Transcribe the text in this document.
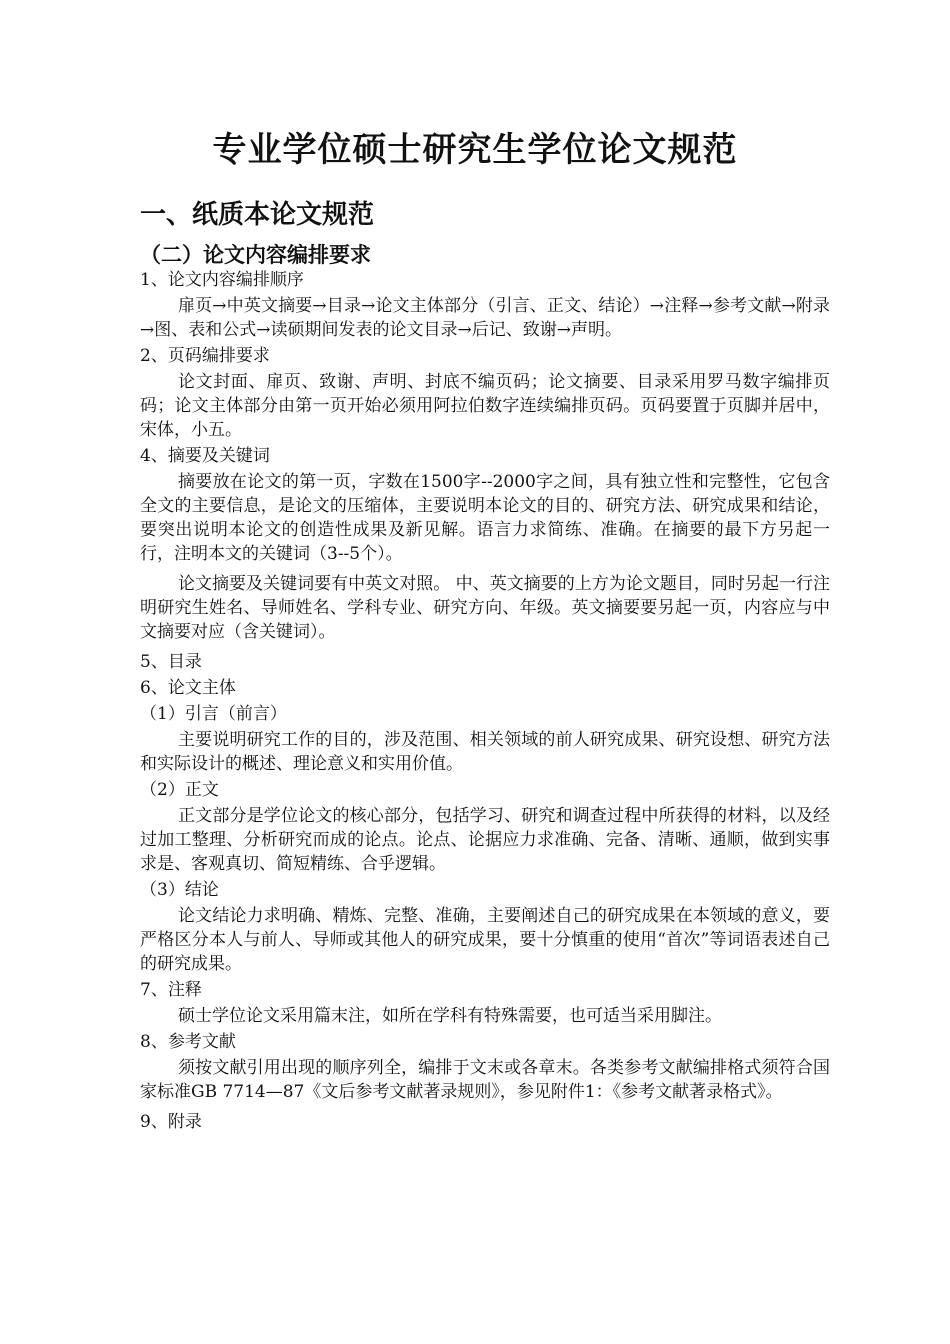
专业学位硕士研究生学位论文规范
一、纸质本论文规范
（二）论文内容编排要求

1、论文内容编排顺序

扉页→中英文摘要→目录→论文主体部分（引言、正文、结论）→注释→参考文献→附录→图、表和公式→读硕期间发表的论文目录→后记、致谢→声明。

2、页码编排要求

论文封面、扉页、致谢、声明、封底不编页码；论文摘要、目录采用罗马数字编排页码；论文主体部分由第一页开始必须用阿拉伯数字连续编排页码。页码要置于页脚并居中，宋体，小五。

4、摘要及关键词

摘要放在论文的第一页，字数在1500字--2000字之间，具有独立性和完整性，它包含全文的主要信息，是论文的压缩体，主要说明本论文的目的、研究方法、研究成果和结论，要突出说明本论文的创造性成果及新见解。语言力求简练、准确。在摘要的最下方另起一行，注明本文的关键词（3--5个）。

论文摘要及关键词要有中英文对照。 中、英文摘要的上方为论文题目，同时另起一行注明研究生姓名、导师姓名、学科专业、研究方向、年级。英文摘要要另起一页，内容应与中文摘要对应（含关键词）。

5、目录

6、论文主体

（1）引言（前言）

主要说明研究工作的目的，涉及范围、相关领域的前人研究成果、研究设想、研究方法和实际设计的概述、理论意义和实用价值。

（2）正文

正文部分是学位论文的核心部分，包括学习、研究和调查过程中所获得的材料，以及经过加工整理、分析研究而成的论点。论点、论据应力求准确、完备、清晰、通顺，做到实事求是、客观真切、简短精练、合乎逻辑。

（3）结论

论文结论力求明确、精炼、完整、准确，主要阐述自己的研究成果在本领域的意义，要严格区分本人与前人、导师或其他人的研究成果，要十分慎重的使用“首次”等词语表述自己的研究成果。

7、注释

硕士学位论文采用篇末注，如所在学科有特殊需要，也可适当采用脚注。

8、参考文献

须按文献引用出现的顺序列全，编排于文末或各章末。各类参考文献编排格式须符合国家标准GB 7714—87《文后参考文献著录规则》，参见附件1：《参考文献著录格式》。

9、附录
